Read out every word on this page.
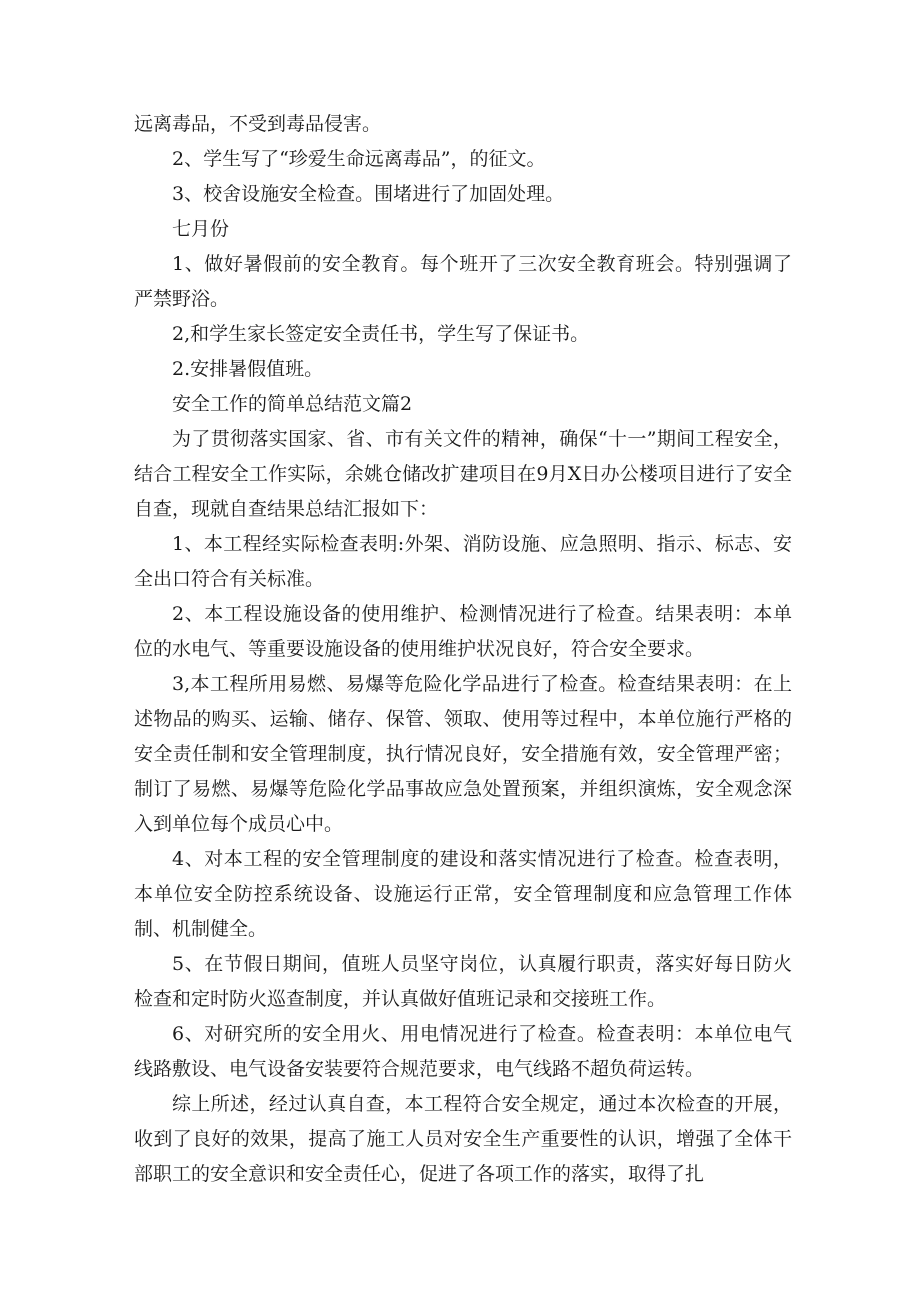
远离毒品，不受到毒品侵害。

2、学生写了“珍爱生命远离毒品”，的征文。

3、校舍设施安全检查。围堵进行了加固处理。

七月份

1、做好暑假前的安全教育。每个班开了三次安全教育班会。特别强调了严禁野浴。

2,和学生家长签定安全责任书，学生写了保证书。

2.安排暑假值班。

安全工作的简单总结范文篇2

为了贯彻落实国家、省、市有关文件的精神，确保“十一”期间工程安全，结合工程安全工作实际，余姚仓储改扩建项目在9月X日办公楼项目进行了安全自查，现就自查结果总结汇报如下：

1、本工程经实际检查表明:外架、消防设施、应急照明、指示、标志、安全出口符合有关标准。

2、本工程设施设备的使用维护、检测情况进行了检查。结果表明：本单位的水电气、等重要设施设备的使用维护状况良好，符合安全要求。

3,本工程所用易燃、易爆等危险化学品进行了检查。检查结果表明：在上述物品的购买、运输、储存、保管、领取、使用等过程中，本单位施行严格的安全责任制和安全管理制度，执行情况良好，安全措施有效，安全管理严密；制订了易燃、易爆等危险化学品事故应急处置预案，并组织演炼，安全观念深入到单位每个成员心中。

4、对本工程的安全管理制度的建设和落实情况进行了检查。检查表明，本单位安全防控系统设备、设施运行正常，安全管理制度和应急管理工作体制、机制健全。

5、在节假日期间，值班人员坚守岗位，认真履行职责，落实好每日防火检查和定时防火巡查制度，并认真做好值班记录和交接班工作。

6、对研究所的安全用火、用电情况进行了检查。检查表明：本单位电气线路敷设、电气设备安装要符合规范要求，电气线路不超负荷运转。

综上所述，经过认真自查，本工程符合安全规定，通过本次检查的开展，收到了良好的效果，提高了施工人员对安全生产重要性的认识，增强了全体干部职工的安全意识和安全责任心，促进了各项工作的落实，取得了扎
